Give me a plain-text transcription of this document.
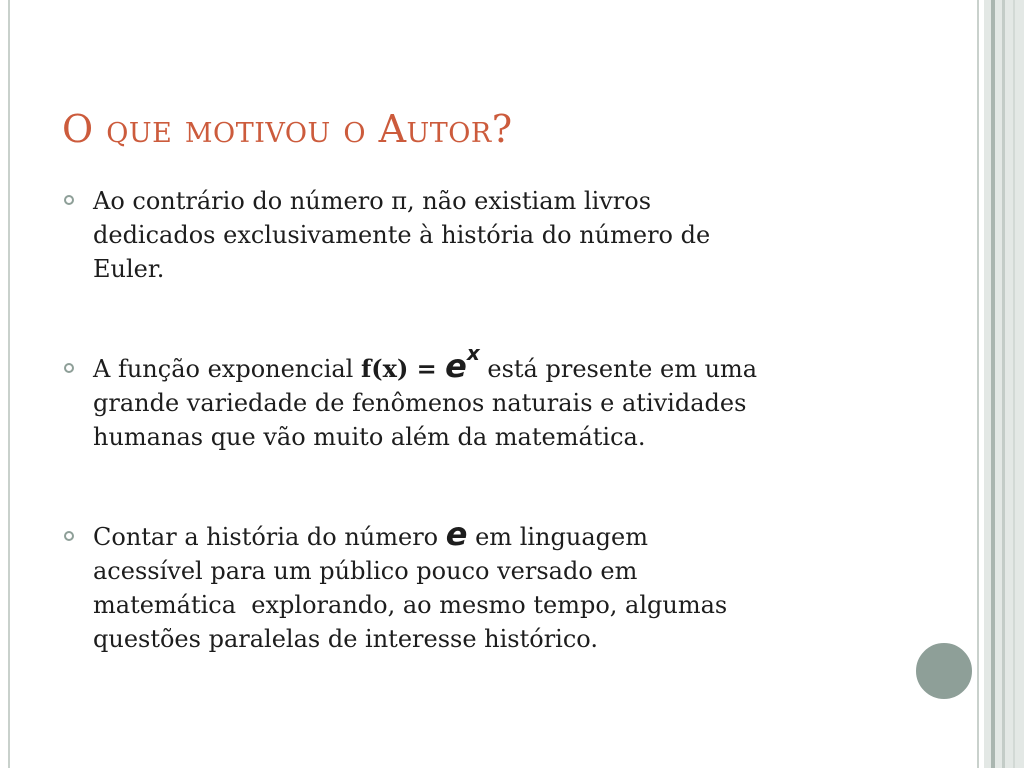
O que motivou o Autor?
Ao contrário do número π, não existiam livros
dedicados exclusivamente à história do número de
Euler.
A função exponencial $f(x) = e^x$ está presente em uma
grande variedade de fenômenos naturais e atividades
humanas que vão muito além da matemática.
Contar a história do número e em linguagem
acessível para um público pouco versado em
matemática  explorando, ao mesmo tempo, algumas
questões paralelas de interesse histórico.
